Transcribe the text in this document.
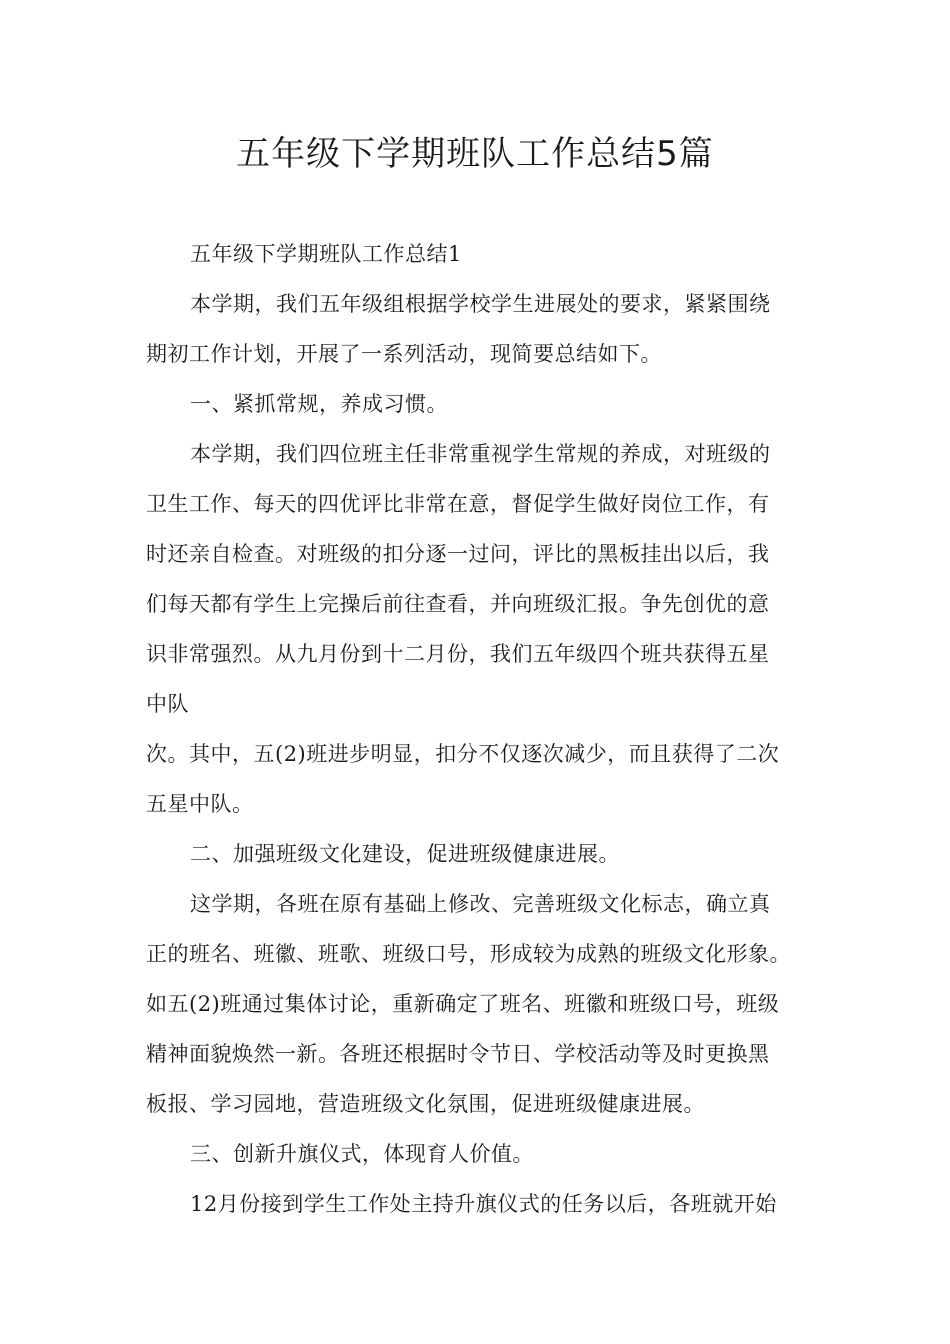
五年级下学期班队工作总结5篇
五年级下学期班队工作总结1
本学期，我们五年级组根据学校学生进展处的要求，紧紧围绕
期初工作计划，开展了一系列活动，现简要总结如下。
一、紧抓常规，养成习惯。
本学期，我们四位班主任非常重视学生常规的养成，对班级的
卫生工作、每天的四优评比非常在意，督促学生做好岗位工作，有
时还亲自检查。对班级的扣分逐一过问，评比的黑板挂出以后，我
们每天都有学生上完操后前往查看，并向班级汇报。争先创优的意
识非常强烈。从九月份到十二月份，我们五年级四个班共获得五星
中队
次。其中，五(2)班进步明显，扣分不仅逐次减少，而且获得了二次
五星中队。
二、加强班级文化建设，促进班级健康进展。
这学期，各班在原有基础上修改、完善班级文化标志，确立真
正的班名、班徽、班歌、班级口号，形成较为成熟的班级文化形象。
如五(2)班通过集体讨论，重新确定了班名、班徽和班级口号，班级
精神面貌焕然一新。各班还根据时令节日、学校活动等及时更换黑
板报、学习园地，营造班级文化氛围，促进班级健康进展。
三、创新升旗仪式，体现育人价值。
12月份接到学生工作处主持升旗仪式的任务以后，各班就开始
